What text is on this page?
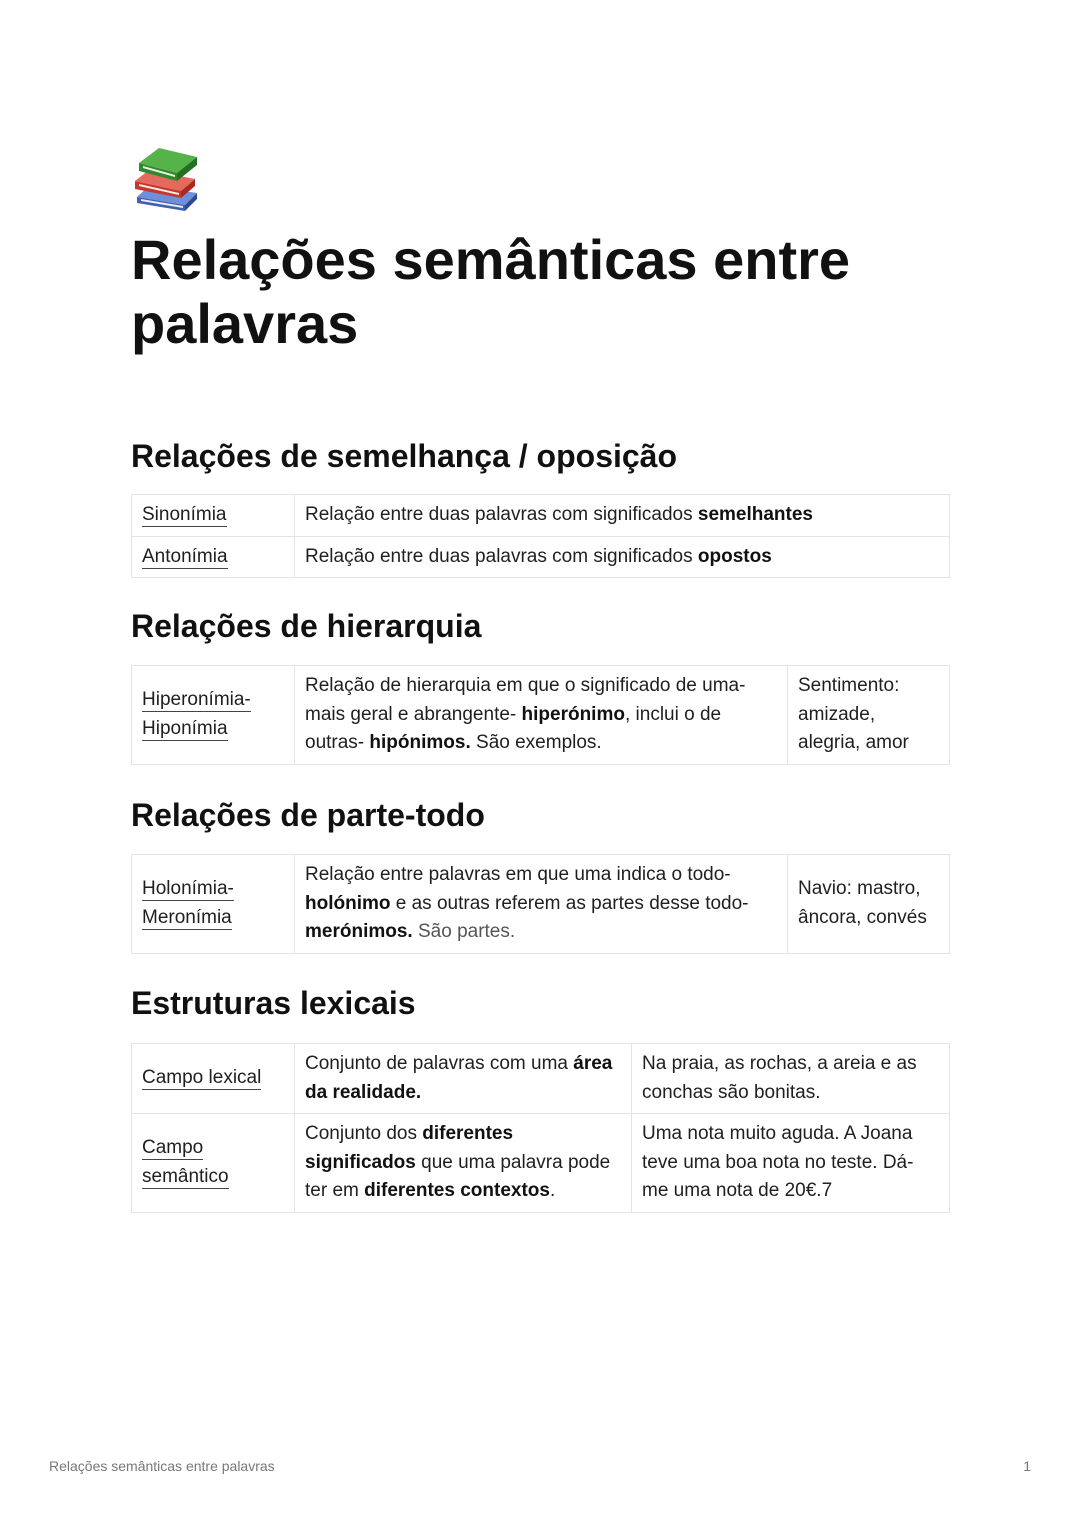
Relações semânticas entre palavras
Relações de semelhança / oposição
Sinonímia	Relação entre duas palavras com significados semelhantes
Antonímia	Relação entre duas palavras com significados opostos
Relações de hierarquia
Hiperonímia-Hiponímia	Relação de hierarquia em que o significado de uma- mais geral e abrangente- hiperónimo, inclui o de outras- hipónimos. São exemplos.	Sentimento: amizade, alegria, amor
Relações de parte-todo
Holonímia-Meronímia	Relação entre palavras em que uma indica o todo- holónimo e as outras referem as partes desse todo- merónimos. São partes.	Navio: mastro, âncora, convés
Estruturas lexicais
Campo lexical	Conjunto de palavras com uma área da realidade.	Na praia, as rochas, a areia e as conchas são bonitas.
Campo semântico	Conjunto dos diferentes significados que uma palavra pode ter em diferentes contextos.	Uma nota muito aguda. A Joana teve uma boa nota no teste. Dá-me uma nota de 20€.7
Relações semânticas entre palavras	1
